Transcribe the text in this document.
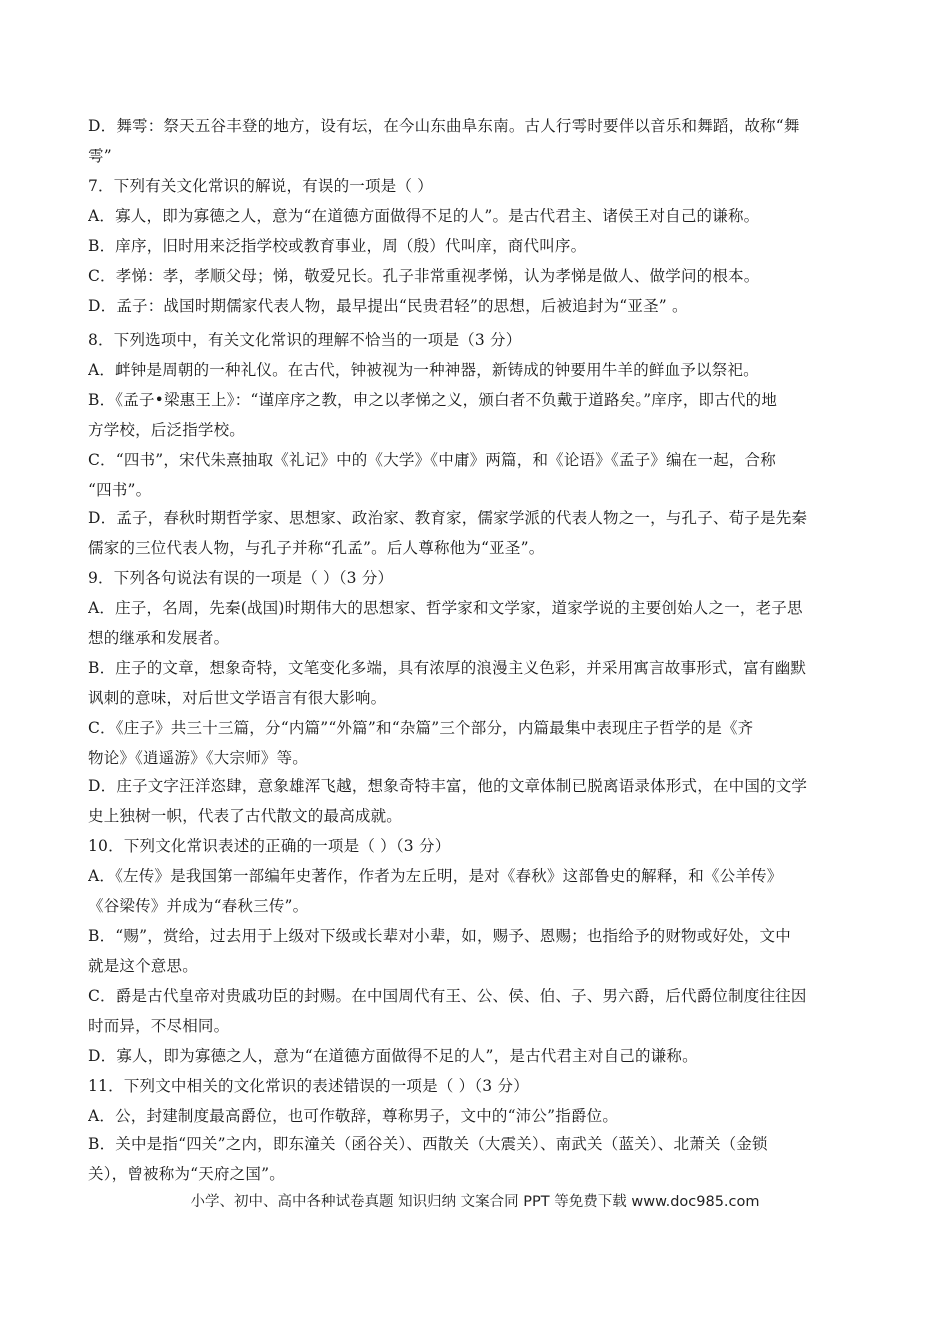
D．舞雩：祭天五谷丰登的地方，设有坛，在今山东曲阜东南。古人行雩时要伴以音乐和舞蹈，故称“舞
雩”
7．下列有关文化常识的解说，有误的一项是（ ）
A．寡人，即为寡德之人，意为“在道德方面做得不足的人”。是古代君主、诸侯王对自己的谦称。
B．庠序，旧时用来泛指学校或教育事业，周（殷）代叫庠，商代叫序。
C．孝悌：孝，孝顺父母；悌，敬爱兄长。孔子非常重视孝悌，认为孝悌是做人、做学问的根本。
D．孟子：战国时期儒家代表人物，最早提出“民贵君轻”的思想，后被追封为“亚圣” 。
8．下列选项中，有关文化常识的理解不恰当的一项是（3 分）
A．衅钟是周朝的一种礼仪。在古代，钟被视为一种神器，新铸成的钟要用牛羊的鲜血予以祭祀。
B．《孟子•梁惠王上》：“谨庠序之教，申之以孝悌之义，颁白者不负戴于道路矣。”庠序，即古代的地
方学校，后泛指学校。
C．“四书”，宋代朱熹抽取《礼记》中的《大学》《中庸》两篇，和《论语》《孟子》编在一起，合称
“四书”。
D．孟子，春秋时期哲学家、思想家、政治家、教育家，儒家学派的代表人物之一，与孔子、荀子是先秦
儒家的三位代表人物，与孔子并称“孔孟”。后人尊称他为“亚圣”。
9．下列各句说法有误的一项是（ ）（3 分）
A．庄子，名周，先秦(战国)时期伟大的思想家、哲学家和文学家，道家学说的主要创始人之一，老子思
想的继承和发展者。
B．庄子的文章，想象奇特，文笔变化多端，具有浓厚的浪漫主义色彩，并采用寓言故事形式，富有幽默
讽刺的意味，对后世文学语言有很大影响。
C．《庄子》共三十三篇，分“内篇”“外篇”和“杂篇”三个部分，内篇最集中表现庄子哲学的是《齐
物论》《逍遥游》《大宗师》等。
D．庄子文字汪洋恣肆，意象雄浑飞越，想象奇特丰富，他的文章体制已脱离语录体形式，在中国的文学
史上独树一帜，代表了古代散文的最高成就。
10．下列文化常识表述的正确的一项是（ ）（3 分）
A．《左传》是我国第一部编年史著作，作者为左丘明，是对《春秋》这部鲁史的解释，和《公羊传》
《谷梁传》并成为“春秋三传”。
B．“赐”，赏给，过去用于上级对下级或长辈对小辈，如，赐予、恩赐；也指给予的财物或好处，文中
就是这个意思。
C．爵是古代皇帝对贵戚功臣的封赐。在中国周代有王、公、侯、伯、子、男六爵，后代爵位制度往往因
时而异，不尽相同。
D．寡人，即为寡德之人，意为“在道德方面做得不足的人”，是古代君主对自己的谦称。
11．下列文中相关的文化常识的表述错误的一项是（ ）（3 分）
A．公，封建制度最高爵位，也可作敬辞，尊称男子，文中的“沛公”指爵位。
B．关中是指“四关”之内，即东潼关（函谷关）、西散关（大震关）、南武关（蓝关）、北萧关（金锁
关），曾被称为“天府之国”。
小学、初中、高中各种试卷真题 知识归纳 文案合同 PPT 等免费下载 www.doc985.com
